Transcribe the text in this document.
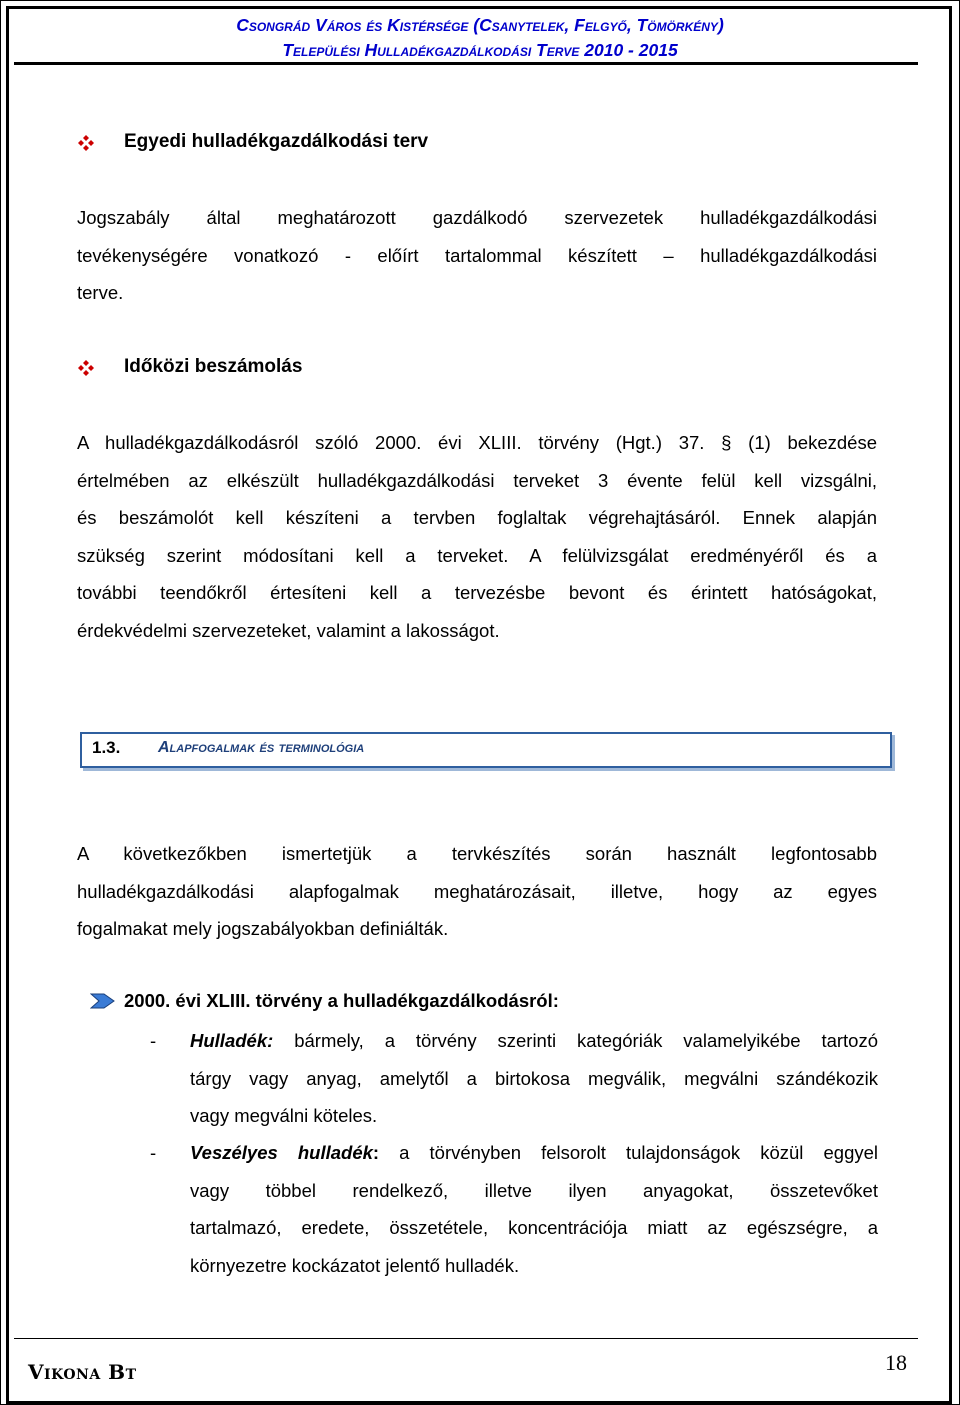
Csongrád Város és Kistérsége (Csanytelek, Felgyő, Tömörkény)
Települési Hulladékgazdálkodási Terve 2010 - 2015
Egyedi hulladékgazdálkodási terv
Jogszabály által meghatározott gazdálkodó szervezetek hulladékgazdálkodási
tevékenységére vonatkozó - előírt tartalommal készített – hulladékgazdálkodási
terve.
Időközi beszámolás
A hulladékgazdálkodásról szóló 2000. évi XLIII. törvény (Hgt.) 37. § (1) bekezdése
értelmében az elkészült hulladékgazdálkodási terveket 3 évente felül kell vizsgálni,
és beszámolót kell készíteni a tervben foglaltak végrehajtásáról. Ennek alapján
szükség szerint módosítani kell a terveket. A felülvizsgálat eredményéről és a
további teendőkről értesíteni kell a tervezésbe bevont és érintett hatóságokat,
érdekvédelmi szervezeteket, valamint a lakosságot.
1.3. Alapfogalmak és terminológia
A következőkben ismertetjük a tervkészítés során használt legfontosabb
hulladékgazdálkodási alapfogalmak meghatározásait, illetve, hogy az egyes
fogalmakat mely jogszabályokban definiálták.
2000. évi XLIII. törvény a hulladékgazdálkodásról:
- Hulladék: bármely, a törvény szerinti kategóriák valamelyikébe tartozó
tárgy vagy anyag, amelytől a birtokosa megválik, megválni szándékozik
vagy megválni köteles.
- Veszélyes hulladék: a törvényben felsorolt tulajdonságok közül eggyel
vagy többel rendelkező, illetve ilyen anyagokat, összetevőket
tartalmazó, eredete, összetétele, koncentrációja miatt az egészségre, a
környezetre kockázatot jelentő hulladék.
Vikona Bt	18
